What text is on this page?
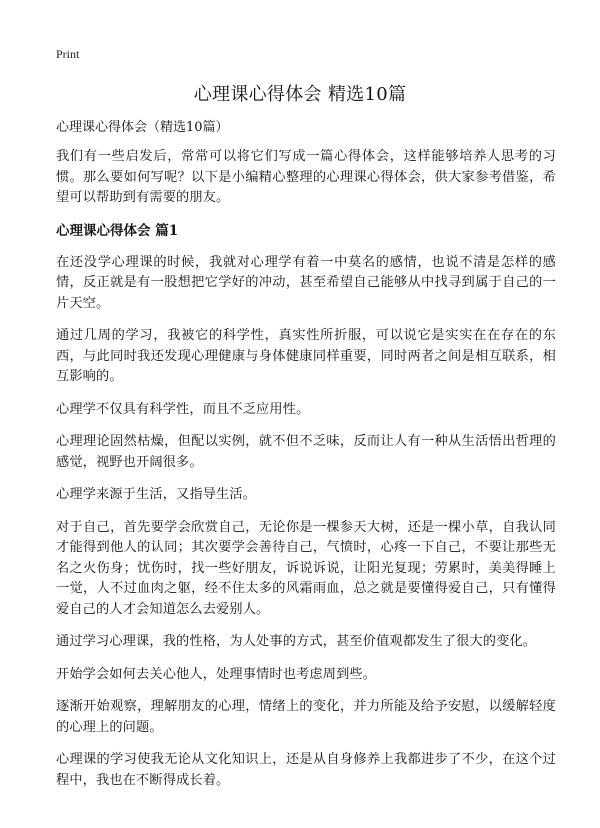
Print
心理课心得体会 精选10篇

心理课心得体会（精选10篇）

我们有一些启发后，常常可以将它们写成一篇心得体会，这样能够培养人思考的习惯。那么要如何写呢？以下是小编精心整理的心理课心得体会，供大家参考借鉴，希望可以帮助到有需要的朋友。

心理课心得体会 篇1

在还没学心理课的时候，我就对心理学有着一中莫名的感情，也说不清是怎样的感情，反正就是有一股想把它学好的冲动，甚至希望自己能够从中找寻到属于自己的一片天空。

通过几周的学习，我被它的科学性，真实性所折服，可以说它是实实在在存在的东西，与此同时我还发现心理健康与身体健康同样重要，同时两者之间是相互联系，相互影响的。

心理学不仅具有科学性，而且不乏应用性。

心理理论固然枯燥，但配以实例，就不但不乏味，反而让人有一种从生活悟出哲理的感觉，视野也开阔很多。

心理学来源于生活，又指导生活。

对于自己，首先要学会欣赏自己，无论你是一棵参天大树，还是一棵小草，自我认同才能得到他人的认同；其次要学会善待自己，气愤时，心疼一下自己，不要让那些无名之火伤身；忧伤时，找一些好朋友，诉说诉说，让阳光复现；劳累时，美美得睡上一觉，人不过血肉之躯，经不住太多的风霜雨血，总之就是要懂得爱自己，只有懂得爱自己的人才会知道怎么去爱别人。

通过学习心理课，我的性格，为人处事的方式，甚至价值观都发生了很大的变化。

开始学会如何去关心他人，处理事情时也考虑周到些。

逐渐开始观察，理解朋友的心理，情绪上的变化，并力所能及给予安慰，以缓解轻度的心理上的问题。

心理课的学习使我无论从文化知识上，还是从自身修养上我都进步了不少，在这个过程中，我也在不断得成长着。
